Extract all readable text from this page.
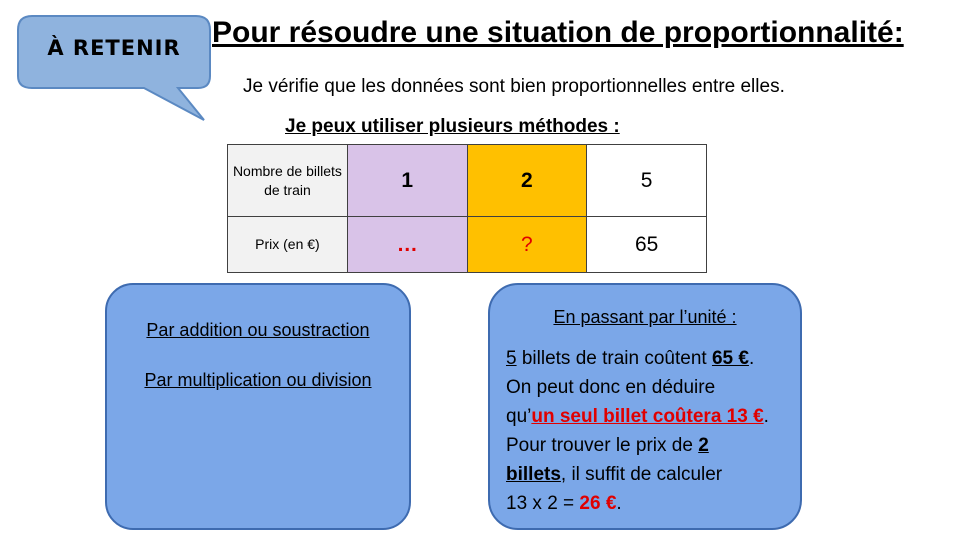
À RETENIR	Pour résoudre une situation de proportionnalité:
Je vérifie que les données sont bien proportionnelles entre elles.
Je peux utiliser plusieurs méthodes :
Nombre de billets de train	1	2	5
Prix (en €)	…	?	65
Par addition ou soustraction
Par multiplication ou division
En passant par l’unité :
5 billets de train coûtent 65 €.
On peut donc en déduire
qu’un seul billet coûtera 13 €.
Pour trouver le prix de 2
billets, il suffit de calculer
13 x 2 = 26 €.
